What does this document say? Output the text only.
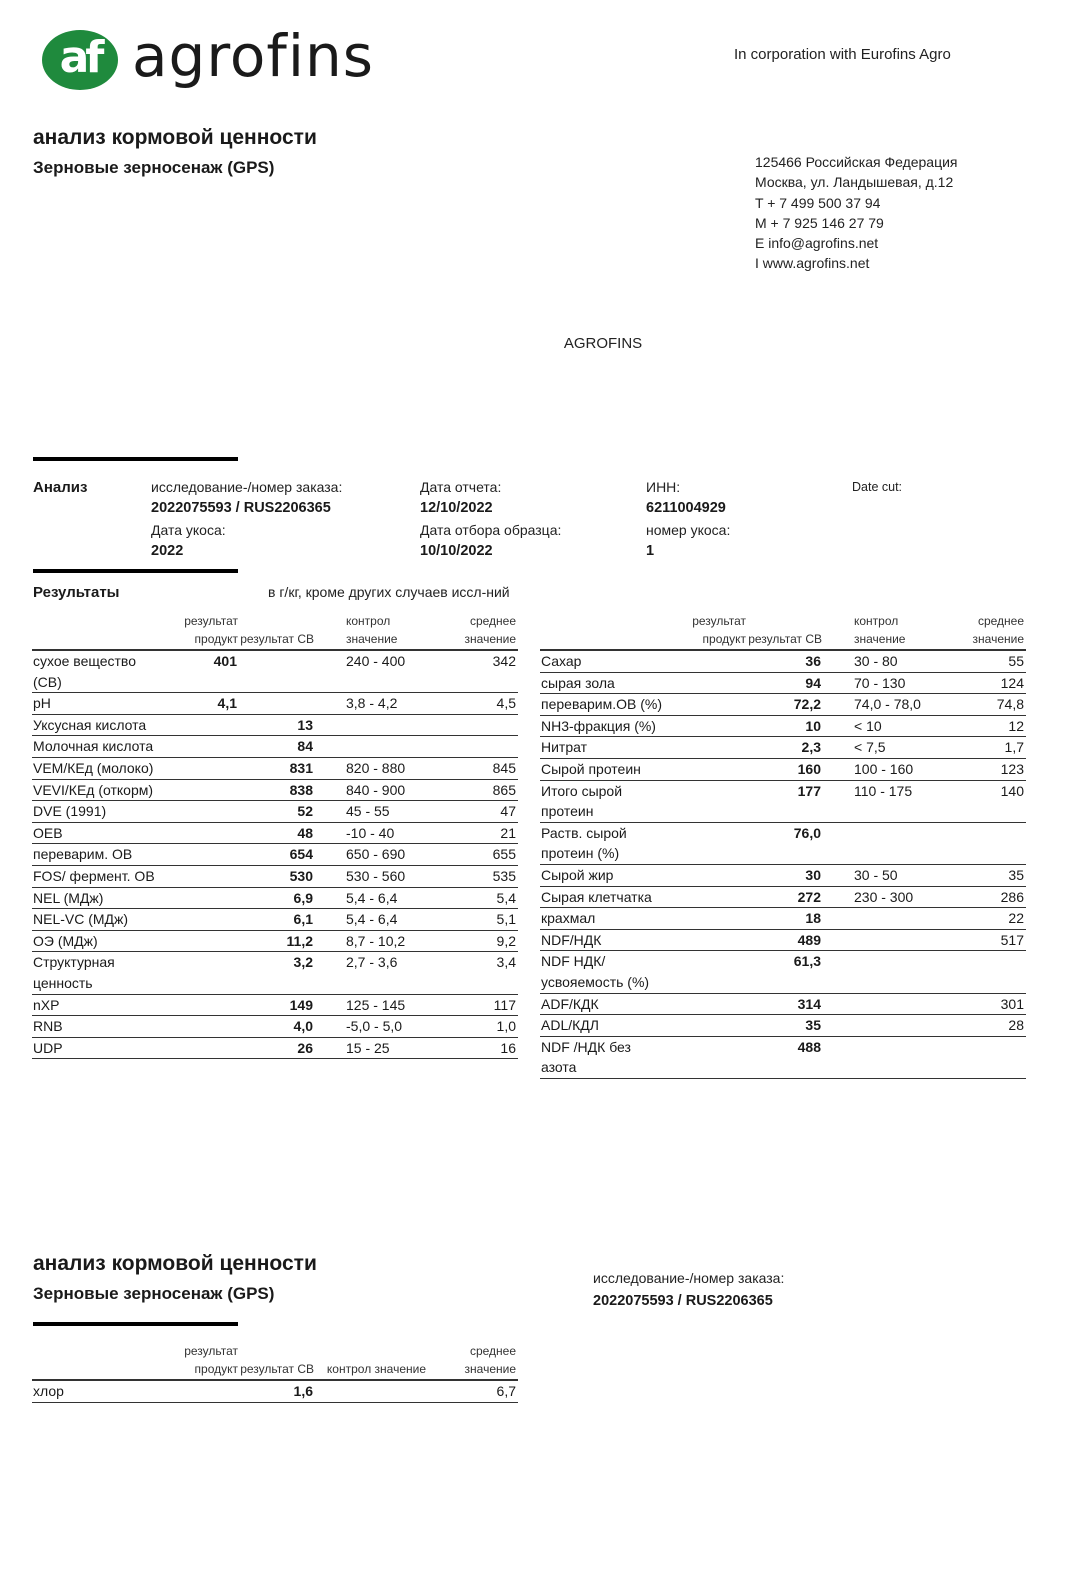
af agrofins	In corporation with Eurofins Agro
анализ кормовой ценности
Зерновые зерносенаж (GPS)	125466 Российская Федерация
Москва, ул. Ландышевая, д.12
T + 7 499 500 37 94
M + 7 925 146 27 79
E info@agrofins.net
I www.agrofins.net
AGROFINS
Анализ	исследование-/номер заказа:
2022075593 / RUS2206365
Дата укоса:
2022
Дата отчета:
12/10/2022
Дата отбора образца:
10/10/2022
ИНН:
6211004929
номер укоса:
1
Date cut:
Результаты	в г/кг, кроме других случаев иссл-ний
	результат продукт	результат СВ	контрол значение	среднее значение
сухое вещество (СВ)	401		240 - 400	342
pH	4,1		3,8 - 4,2	4,5
Уксусная кислота		13		
Молочная кислота		84		
VEM/КЕд (молоко)		831	820 - 880	845
VEVI/КЕд (откорм)		838	840 - 900	865
DVE (1991)		52	45 - 55	47
OEB		48	-10 - 40	21
переварим. ОВ		654	650 - 690	655
FOS/ фермент. ОВ		530	530 - 560	535
NEL (МДж)		6,9	5,4 - 6,4	5,4
NEL-VC (МДж)		6,1	5,4 - 6,4	5,1
ОЭ (МДж)		11,2	8,7 - 10,2	9,2
Структурная ценность		3,2	2,7 - 3,6	3,4
nXP		149	125 - 145	117
RNB		4,0	-5,0 - 5,0	1,0
UDP		26	15 - 25	16
	результат продукт	результат СВ	контрол значение	среднее значение
Сахар		36	30 - 80	55
сырая зола		94	70 - 130	124
переварим.ОВ (%)		72,2	74,0 - 78,0	74,8
NH3-фракция (%)		10	< 10	12
Нитрат		2,3	< 7,5	1,7
Сырой протеин		160	100 - 160	123
Итого сырой протеин		177	110 - 175	140
Раств. сырой протеин (%)		76,0		
Сырой жир		30	30 - 50	35
Сырая клетчатка		272	230 - 300	286
крахмал		18		22
NDF/НДК		489		517
NDF НДК/усвояемость (%)		61,3		
ADF/КДК		314		301
ADL/КДЛ		35		28
NDF /НДК без азота		488		
анализ кормовой ценности
Зерновые зерносенаж (GPS)
исследование-/номер заказа:
2022075593 / RUS2206365
	результат продукт	результат СВ	контрол значение	среднее значение
хлор		1,6		6,7
